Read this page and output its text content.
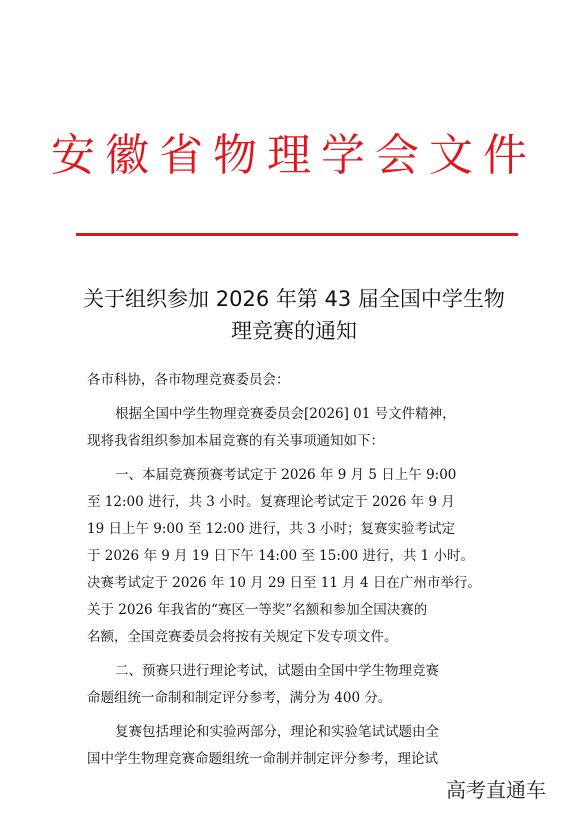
安徽省物理学会文件
关于组织参加 2026 年第 43 届全国中学生物
理竞赛的通知
各市科协，各市物理竞赛委员会：
根据全国中学生物理竞赛委员会[2026] 01 号文件精神，
现将我省组织参加本届竞赛的有关事项通知如下：
一、本届竞赛预赛考试定于 2026 年 9 月 5 日上午 9:00
至 12:00 进行，共 3 小时。复赛理论考试定于 2026 年 9 月
19 日上午 9:00 至 12:00 进行，共 3 小时；复赛实验考试定
于 2026 年 9 月 19 日下午 14:00 至 15:00 进行，共 1 小时。
决赛考试定于 2026 年 10 月 29 日至 11 月 4 日在广州市举行。
关于 2026 年我省的“赛区一等奖”名额和参加全国决赛的
名额，全国竞赛委员会将按有关规定下发专项文件。
二、预赛只进行理论考试，试题由全国中学生物理竞赛
命题组统一命制和制定评分参考，满分为 400 分。
复赛包括理论和实验两部分，理论和实验笔试试题由全
国中学生物理竞赛命题组统一命制并制定评分参考，理论试
高考直通车
